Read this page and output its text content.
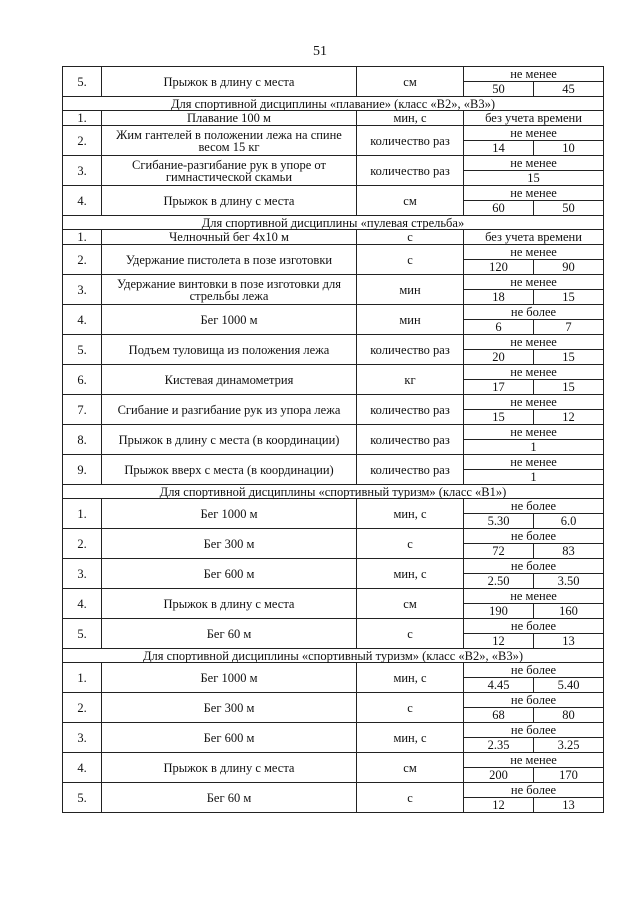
51
5.	Прыжок в длину с места	см	не менее	
			50	45
Для спортивной дисциплины «плавание» (класс «В2», «В3»)				
1.	Плавание 100 м	мин, с	без учета времени	
2.	Жим гантелей в положении лежа на спине весом 15 кг	количество раз	не менее	
			14	10
3.	Сгибание-разгибание рук в упоре от гимнастической скамьи	количество раз	не менее	
			15	
4.	Прыжок в длину с места	см	не менее	
			60	50
Для спортивной дисциплины «пулевая стрельба»				
1.	Челночный бег 4x10 м	с	без учета времени	
2.	Удержание пистолета в позе изготовки	с	не менее	
			120	90
3.	Удержание винтовки в позе изготовки для стрельбы лежа	мин	не менее	
			18	15
4.	Бег 1000 м	мин	не более	
			6	7
5.	Подъем туловища из положения лежа	количество раз	не менее	
			20	15
6.	Кистевая динамометрия	кг	не менее	
			17	15
7.	Сгибание и разгибание рук из упора лежа	количество раз	не менее	
			15	12
8.	Прыжок в длину с места (в координации)	количество раз	не менее	
			1	
9.	Прыжок вверх с места (в координации)	количество раз	не менее	
			1	
Для спортивной дисциплины «спортивный туризм» (класс «В1»)				
1.	Бег 1000 м	мин, с	не более	
			5.30	6.0
2.	Бег 300 м	с	не более	
			72	83
3.	Бег 600 м	мин, с	не более	
			2.50	3.50
4.	Прыжок в длину с места	см	не менее	
			190	160
5.	Бег 60 м	с	не более	
			12	13
Для спортивной дисциплины «спортивный туризм» (класс «В2», «В3»)				
1.	Бег 1000 м	мин, с	не более	
			4.45	5.40
2.	Бег 300 м	с	не более	
			68	80
3.	Бег 600 м	мин, с	не более	
			2.35	3.25
4.	Прыжок в длину с места	см	не менее	
			200	170
5.	Бег 60 м	с	не более	
			12	13
